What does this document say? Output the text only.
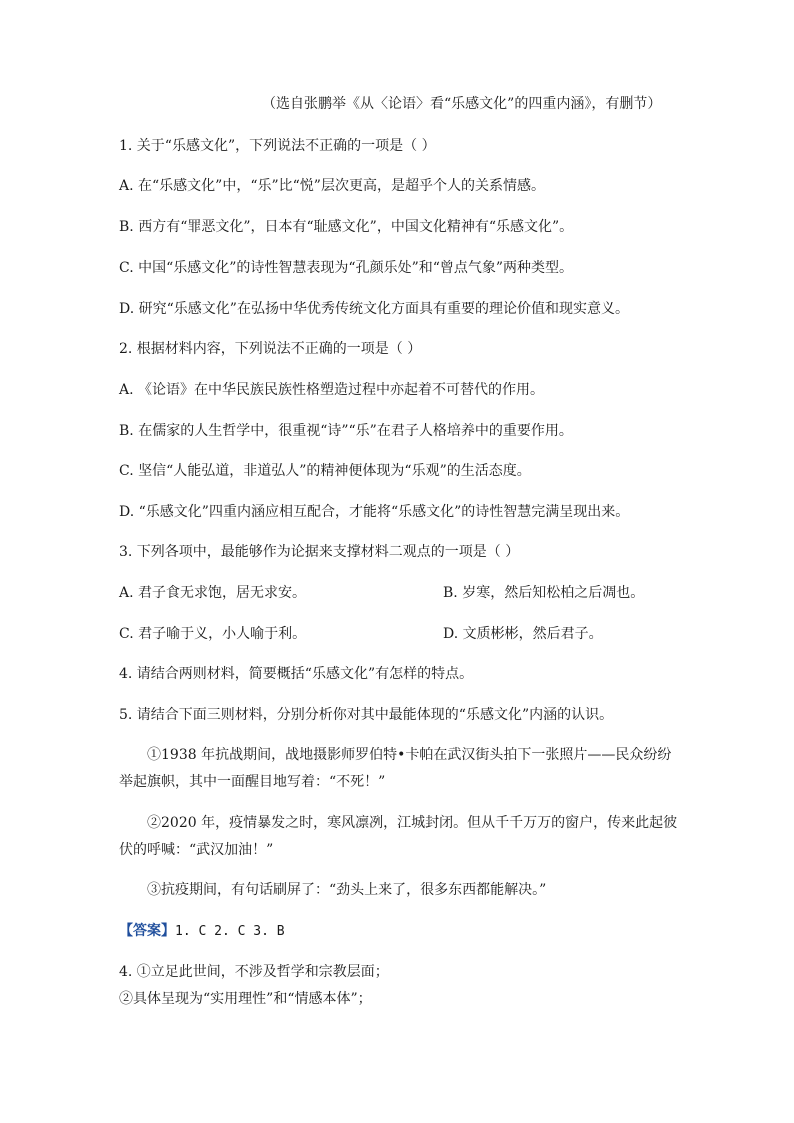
（选自张鹏举《从〈论语〉看“乐感文化”的四重内涵》，有删节）
1. 关于“乐感文化”，下列说法不正确的一项是（ ）
A. 在“乐感文化”中，“乐”比“悦”层次更高，是超乎个人的关系情感。
B. 西方有“罪恶文化”，日本有“耻感文化”，中国文化精神有“乐感文化”。
C. 中国“乐感文化”的诗性智慧表现为“孔颜乐处”和“曾点气象”两种类型。
D. 研究“乐感文化”在弘扬中华优秀传统文化方面具有重要的理论价值和现实意义。
2. 根据材料内容，下列说法不正确的一项是（ ）
A. 《论语》在中华民族民族性格塑造过程中亦起着不可替代的作用。
B. 在儒家的人生哲学中，很重视“诗”“乐”在君子人格培养中的重要作用。
C. 坚信“人能弘道，非道弘人”的精神便体现为“乐观”的生活态度。
D. “乐感文化”四重内涵应相互配合，才能将“乐感文化”的诗性智慧完满呈现出来。
3. 下列各项中，最能够作为论据来支撑材料二观点的一项是（ ）
A. 君子食无求饱，居无求安。	B. 岁寒，然后知松柏之后凋也。
C. 君子喻于义，小人喻于利。	D. 文质彬彬，然后君子。
4. 请结合两则材料，简要概括“乐感文化”有怎样的特点。
5. 请结合下面三则材料，分别分析你对其中最能体现的“乐感文化”内涵的认识。
①1938 年抗战期间，战地摄影师罗伯特•卡帕在武汉街头拍下一张照片——民众纷纷
举起旗帜，其中一面醒目地写着：“不死！”
②2020 年，疫情暴发之时，寒风凛冽，江城封闭。但从千千万万的窗户，传来此起彼
伏的呼喊：“武汉加油！”
③抗疫期间，有句话刷屏了：“劲头上来了，很多东西都能解决。”
【答案】1. C 2. C 3. B
4. ①立足此世间，不涉及哲学和宗教层面；
②具体呈现为“实用理性”和“情感本体”；
